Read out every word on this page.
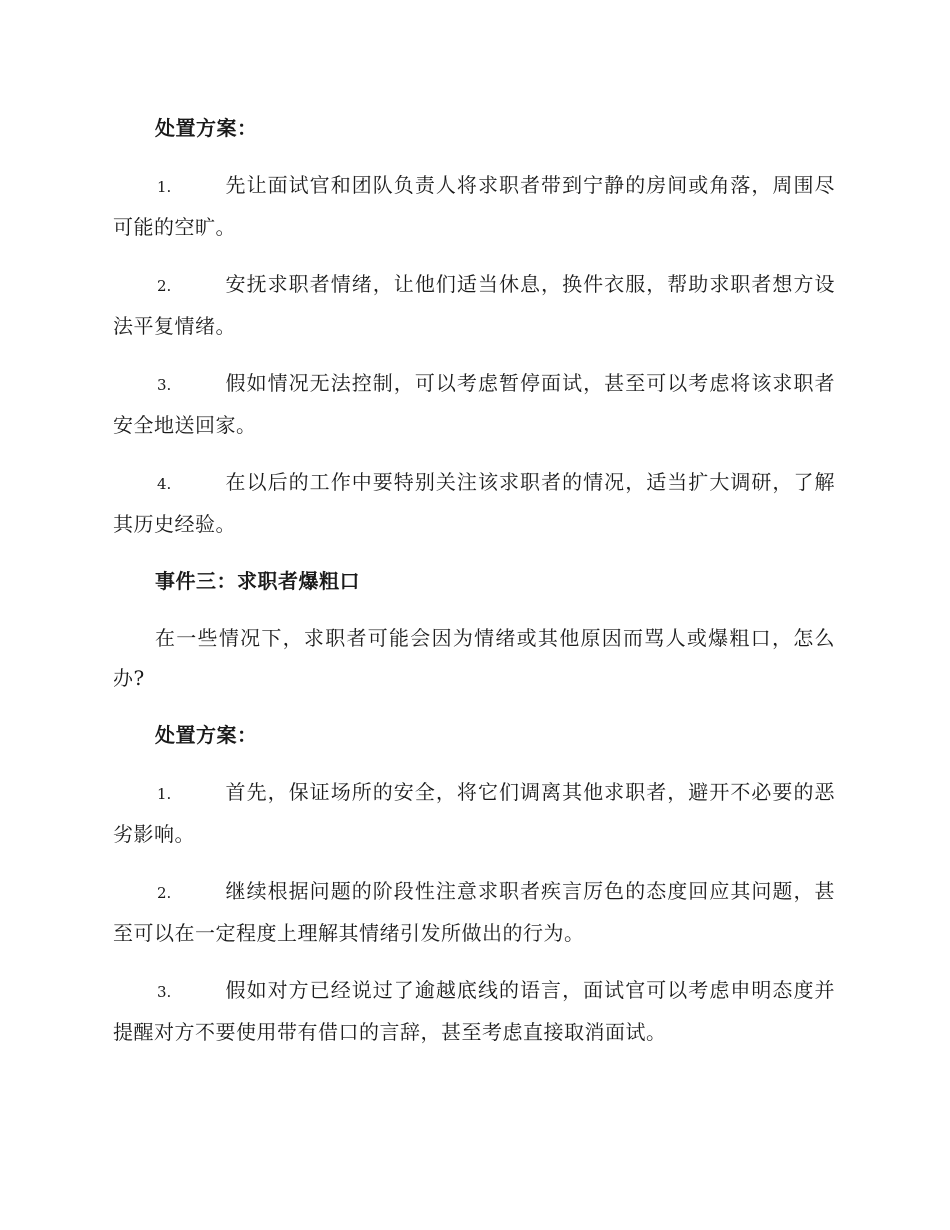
处置方案：
1.	先让面试官和团队负责人将求职者带到宁静的房间或角落，周围尽可能的空旷。
2.	安抚求职者情绪，让他们适当休息，换件衣服，帮助求职者想方设法平复情绪。
3.	假如情况无法控制，可以考虑暂停面试，甚至可以考虑将该求职者安全地送回家。
4.	在以后的工作中要特别关注该求职者的情况，适当扩大调研，了解其历史经验。
事件三：求职者爆粗口
在一些情况下，求职者可能会因为情绪或其他原因而骂人或爆粗口，怎么办?
处置方案：
1.	首先，保证场所的安全，将它们调离其他求职者，避开不必要的恶劣影响。
2.	继续根据问题的阶段性注意求职者疾言厉色的态度回应其问题，甚至可以在一定程度上理解其情绪引发所做出的行为。
3.	假如对方已经说过了逾越底线的语言，面试官可以考虑申明态度并提醒对方不要使用带有借口的言辞，甚至考虑直接取消面试。
